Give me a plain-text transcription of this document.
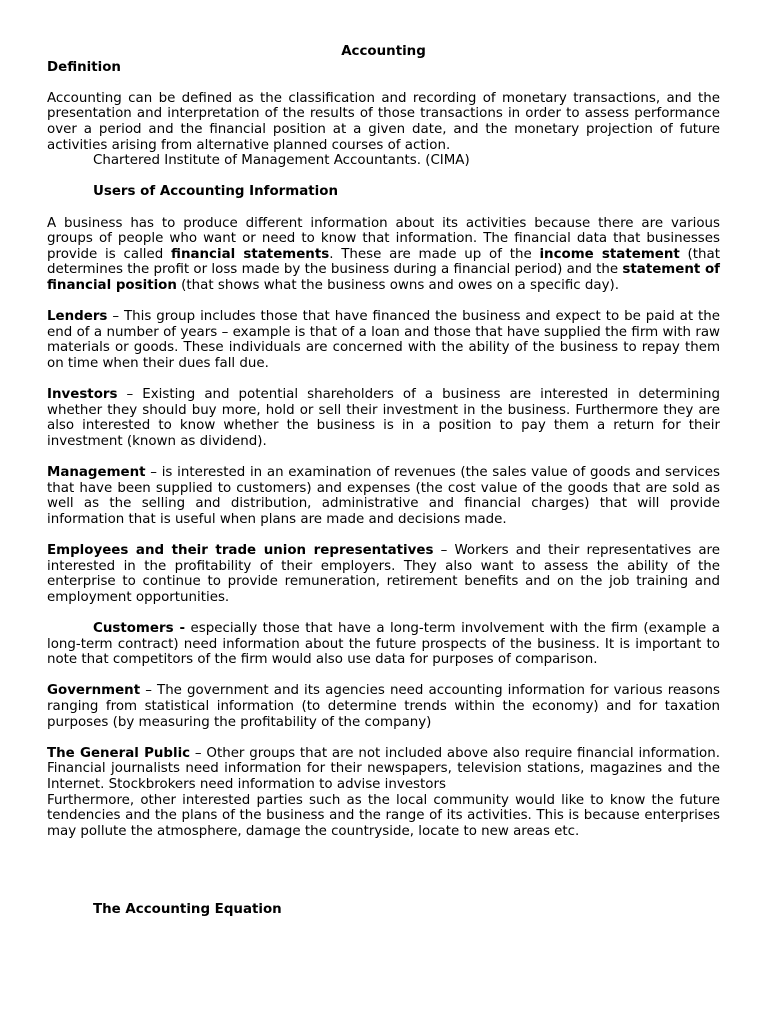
Accounting

Definition

Accounting can be defined as the classification and recording of monetary transactions, and the presentation and interpretation of the results of those transactions in order to assess performance over a period and the financial position at a given date, and the monetary projection of future activities arising from alternative planned courses of action.

Chartered Institute of Management Accountants. (CIMA)

Users of Accounting Information

A business has to produce different information about its activities because there are various groups of people who want or need to know that information. The financial data that businesses provide is called financial statements. These are made up of the income statement (that determines the profit or loss made by the business during a financial period) and the statement of financial position (that shows what the business owns and owes on a specific day).

Lenders – This group includes those that have financed the business and expect to be paid at the end of a number of years – example is that of a loan and those that have supplied the firm with raw materials or goods. These individuals are concerned with the ability of the business to repay them on time when their dues fall due.

Investors – Existing and potential shareholders of a business are interested in determining whether they should buy more, hold or sell their investment in the business. Furthermore they are also interested to know whether the business is in a position to pay them a return for their investment (known as dividend).

Management – is interested in an examination of revenues (the sales value of goods and services that have been supplied to customers) and expenses (the cost value of the goods that are sold as well as the selling and distribution, administrative and financial charges) that will provide information that is useful when plans are made and decisions made.

Employees and their trade union representatives – Workers and their representatives are interested in the profitability of their employers. They also want to assess the ability of the enterprise to continue to provide remuneration, retirement benefits and on the job training and employment opportunities.

Customers - especially those that have a long-term involvement with the firm (example a long-term contract) need information about the future prospects of the business. It is important to note that competitors of the firm would also use data for purposes of comparison.

Government – The government and its agencies need accounting information for various reasons ranging from statistical information (to determine trends within the economy) and for taxation purposes (by measuring the profitability of the company)

The General Public – Other groups that are not included above also require financial information. Financial journalists need information for their newspapers, television stations, magazines and the Internet. Stockbrokers need information to advise investors

Furthermore, other interested parties such as the local community would like to know the future tendencies and the plans of the business and the range of its activities. This is because enterprises may pollute the atmosphere, damage the countryside, locate to new areas etc.

The Accounting Equation
